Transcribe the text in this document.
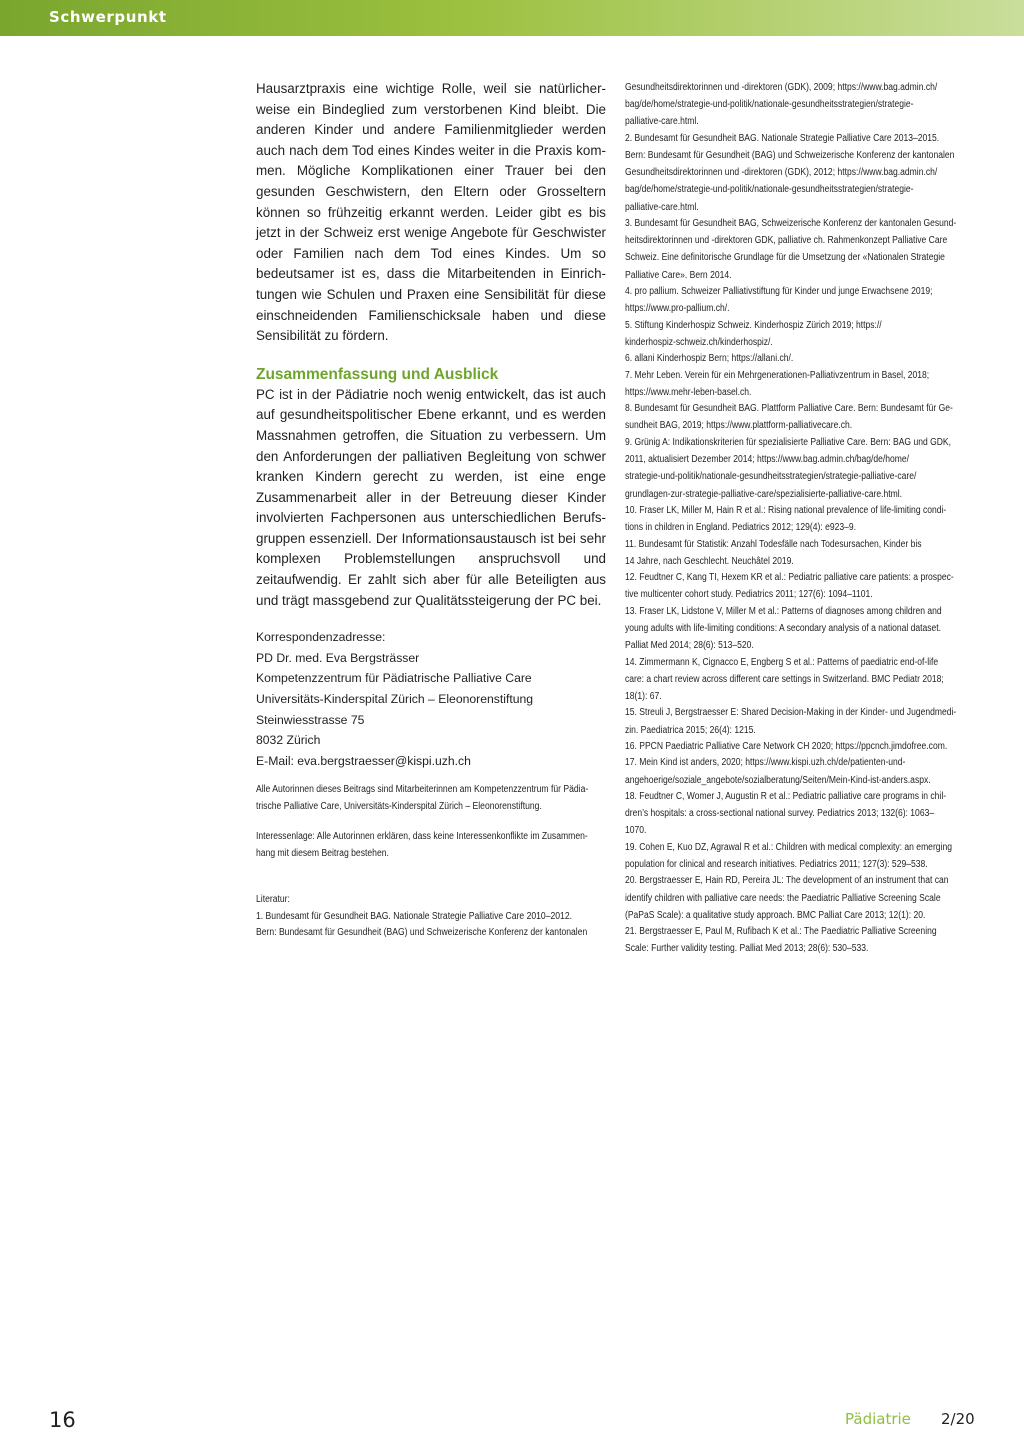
Schwerpunkt

Hausarztpraxis eine wichtige Rolle, weil sie natürlicherweise ein Bindeglied zum verstorbenen Kind bleibt. Die anderen Kinder und andere Familienmitglieder werden auch nach dem Tod eines Kindes weiter in die Praxis kommen. Mögliche Komplikationen einer Trauer bei den gesunden Geschwistern, den Eltern oder Grosseltern können so frühzeitig erkannt werden. Leider gibt es bis jetzt in der Schweiz erst wenige Angebote für Geschwister oder Familien nach dem Tod eines Kindes. Um so bedeutsamer ist es, dass die Mitarbeitenden in Einrichtungen wie Schulen und Praxen eine Sensibilität für diese einschneidenden Familienschicksale haben und diese Sensibilität zu fördern.

Zusammenfassung und Ausblick

PC ist in der Pädiatrie noch wenig entwickelt, das ist auch auf gesundheitspolitischer Ebene erkannt, und es werden Massnahmen getroffen, die Situation zu verbessern. Um den Anforderungen der palliativen Begleitung von schwer kranken Kindern gerecht zu werden, ist eine enge Zusammenarbeit aller in der Betreuung dieser Kinder involvierten Fachpersonen aus unterschiedlichen Berufsgruppen essenziell. Der Informationsaustausch ist bei sehr komplexen Problemstellungen anspruchsvoll und zeitaufwendig. Er zahlt sich aber für alle Beteiligten aus und trägt massgebend zur Qualitätssteigerung der PC bei.

Korrespondenzadresse:

PD Dr. med. Eva Bergsträsser

Kompetenzzentrum für Pädiatrische Palliative Care

Universitäts-Kinderspital Zürich – Eleonorenstiftung

Steinwiesstrasse 75

8032 Zürich

E-Mail: eva.bergstraesser@kispi.uzh.ch

Alle Autorinnen dieses Beitrags sind Mitarbeiterinnen am Kompetenzzentrum für Pädia-
trische Palliative Care, Universitäts-Kinderspital Zürich – Eleonorenstiftung.

Interessenlage: Alle Autorinnen erklären, dass keine Interessenkonflikte im Zusammen-
hang mit diesem Beitrag bestehen.

Literatur:

1. Bundesamt für Gesundheit BAG. Nationale Strategie Palliative Care 2010–2012.
Bern: Bundesamt für Gesundheit (BAG) und Schweizerische Konferenz der kantonalen

Gesundheitsdirektorinnen und -direktoren (GDK), 2009; https://www.bag.admin.ch/
bag/de/home/strategie-und-politik/nationale-gesundheitsstrategien/strategie-
palliative-care.html.

2. Bundesamt für Gesundheit BAG. Nationale Strategie Palliative Care 2013–2015.
Bern: Bundesamt für Gesundheit (BAG) und Schweizerische Konferenz der kantonalen
Gesundheitsdirektorinnen und -direktoren (GDK), 2012; https://www.bag.admin.ch/
bag/de/home/strategie-und-politik/nationale-gesundheitsstrategien/strategie-
palliative-care.html.

3. Bundesamt für Gesundheit BAG, Schweizerische Konferenz der kantonalen Gesund-
heitsdirektorinnen und -direktoren GDK, palliative ch. Rahmenkonzept Palliative Care
Schweiz. Eine definitorische Grundlage für die Umsetzung der «Nationalen Strategie
Palliative Care». Bern 2014.

4. pro pallium. Schweizer Palliativstiftung für Kinder und junge Erwachsene 2019;
https://www.pro-pallium.ch/.

5. Stiftung Kinderhospiz Schweiz. Kinderhospiz Zürich 2019; https://
kinderhospiz-schweiz.ch/kinderhospiz/.

6. allani Kinderhospiz Bern; https://allani.ch/.

7. Mehr Leben. Verein für ein Mehrgenerationen-Palliativzentrum in Basel, 2018;
https://www.mehr-leben-basel.ch.

8. Bundesamt für Gesundheit BAG. Plattform Palliative Care. Bern: Bundesamt für Ge-
sundheit BAG, 2019; https://www.plattform-palliativecare.ch.

9. Grünig A: Indikationskriterien für spezialisierte Palliative Care. Bern: BAG und GDK,
2011, aktualisiert Dezember 2014; https://www.bag.admin.ch/bag/de/home/
strategie-und-politik/nationale-gesundheitsstrategien/strategie-palliative-care/
grundlagen-zur-strategie-palliative-care/spezialisierte-palliative-care.html.

10. Fraser LK, Miller M, Hain R et al.: Rising national prevalence of life-limiting condi-
tions in children in England. Pediatrics 2012; 129(4): e923–9.

11. Bundesamt für Statistik: Anzahl Todesfälle nach Todesursachen, Kinder bis
14 Jahre, nach Geschlecht. Neuchâtel 2019.

12. Feudtner C, Kang TI, Hexem KR et al.: Pediatric palliative care patients: a prospec-
tive multicenter cohort study. Pediatrics 2011; 127(6): 1094–1101.

13. Fraser LK, Lidstone V, Miller M et al.: Patterns of diagnoses among children and
young adults with life-limiting conditions: A secondary analysis of a national dataset.
Palliat Med 2014; 28(6): 513–520.

14. Zimmermann K, Cignacco E, Engberg S et al.: Patterns of paediatric end-of-life
care: a chart review across different care settings in Switzerland. BMC Pediatr 2018;
18(1): 67.

15. Streuli J, Bergstraesser E: Shared Decision-Making in der Kinder- und Jugendmedi-
zin. Paediatrica 2015; 26(4): 1215.

16. PPCN Paediatric Palliative Care Network CH 2020; https://ppcnch.jimdofree.com.

17. Mein Kind ist anders, 2020; https://www.kispi.uzh.ch/de/patienten-und-
angehoerige/soziale_angebote/sozialberatung/Seiten/Mein-Kind-ist-anders.aspx.

18. Feudtner C, Womer J, Augustin R et al.: Pediatric palliative care programs in chil-
dren’s hospitals: a cross-sectional national survey. Pediatrics 2013; 132(6): 1063–
1070.

19. Cohen E, Kuo DZ, Agrawal R et al.: Children with medical complexity: an emerging
population for clinical and research initiatives. Pediatrics 2011; 127(3): 529–538.

20. Bergstraesser E, Hain RD, Pereira JL: The development of an instrument that can
identify children with palliative care needs: the Paediatric Palliative Screening Scale
(PaPaS Scale): a qualitative study approach. BMC Palliat Care 2013; 12(1): 20.

21. Bergstraesser E, Paul M, Rufibach K et al.: The Paediatric Palliative Screening
Scale: Further validity testing. Palliat Med 2013; 28(6): 530–533.

16	Pädiatrie 2/20
